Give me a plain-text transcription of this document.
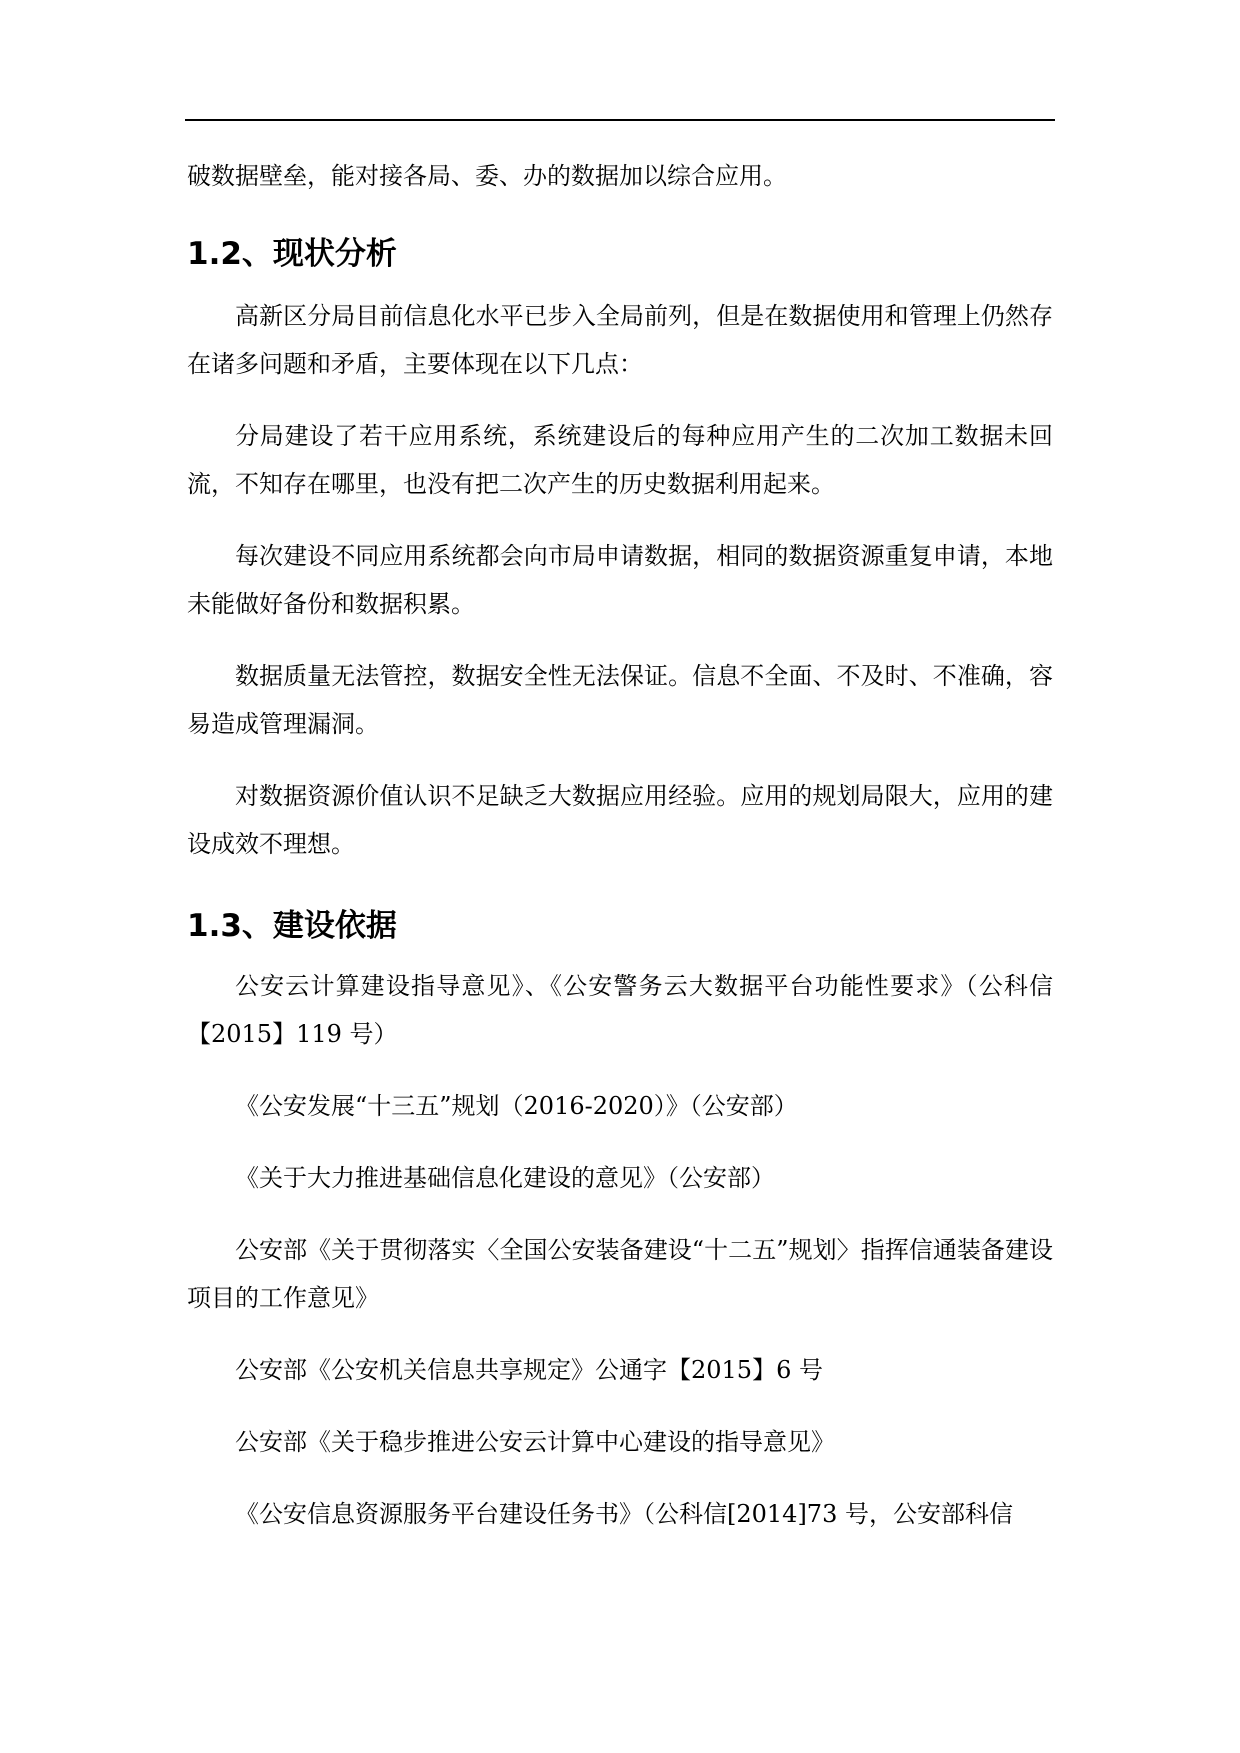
破数据壁垒，能对接各局、委、办的数据加以综合应用。

1.2、现状分析

高新区分局目前信息化水平已步入全局前列，但是在数据使用和管理上仍然存在诸多问题和矛盾，主要体现在以下几点：

分局建设了若干应用系统，系统建设后的每种应用产生的二次加工数据未回流，不知存在哪里，也没有把二次产生的历史数据利用起来。

每次建设不同应用系统都会向市局申请数据，相同的数据资源重复申请，本地未能做好备份和数据积累。

数据质量无法管控，数据安全性无法保证。信息不全面、不及时、不准确，容易造成管理漏洞。

对数据资源价值认识不足缺乏大数据应用经验。应用的规划局限大，应用的建设成效不理想。

1.3、建设依据

公安云计算建设指导意见》、《公安警务云大数据平台功能性要求》（公科信【2015】119 号）

《公安发展“十三五”规划（2016-2020）》（公安部）

《关于大力推进基础信息化建设的意见》（公安部）

公安部《关于贯彻落实〈全国公安装备建设“十二五”规划〉指挥信通装备建设项目的工作意见》

公安部《公安机关信息共享规定》公通字【2015】6 号

公安部《关于稳步推进公安云计算中心建设的指导意见》

《公安信息资源服务平台建设任务书》（公科信[2014]73 号，公安部科信
